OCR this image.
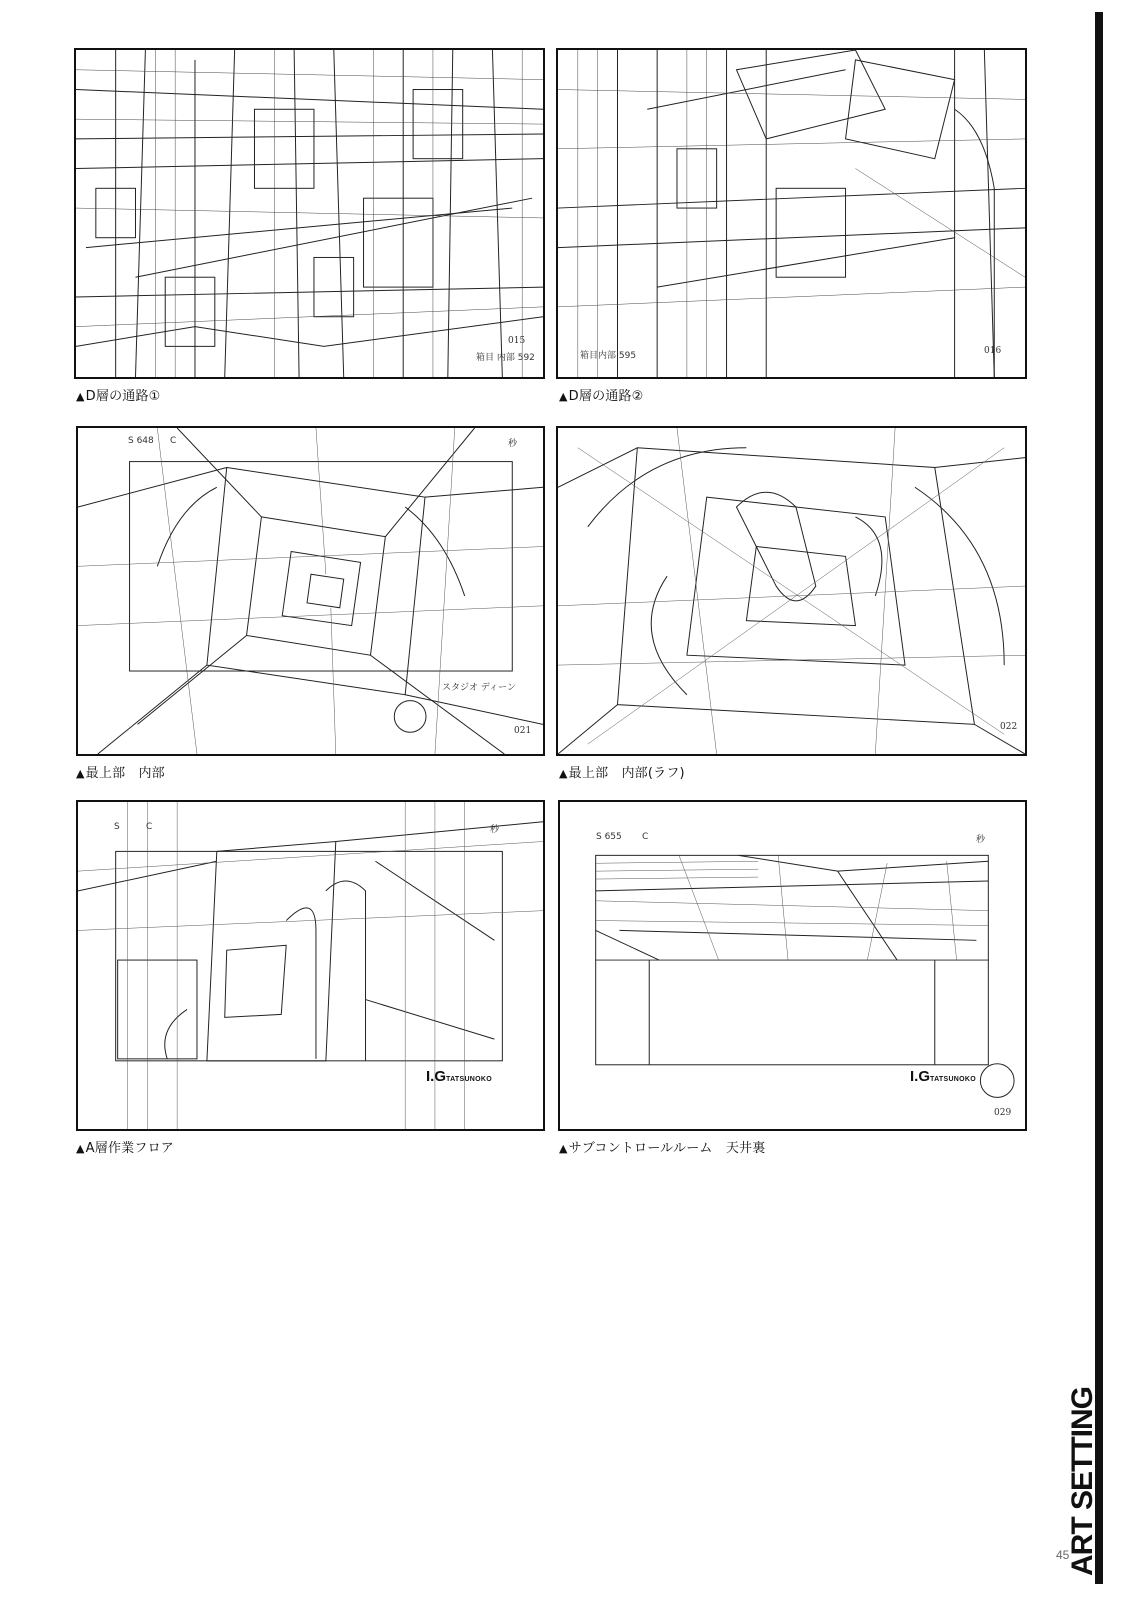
015
箱目 内部 592
▲D層の通路①
016
箱目内部 595
▲D層の通路②
S 648 C	秒
スタジオ ディーン
021
▲最上部　内部
022
▲最上部　内部(ラフ)
S	C	秒
I.GTATSUNOKO
▲A層作業フロア
S 655 C	秒
I.GTATSUNOKO
029
▲サブコントロールルーム　天井裏
ART SETTING
45
